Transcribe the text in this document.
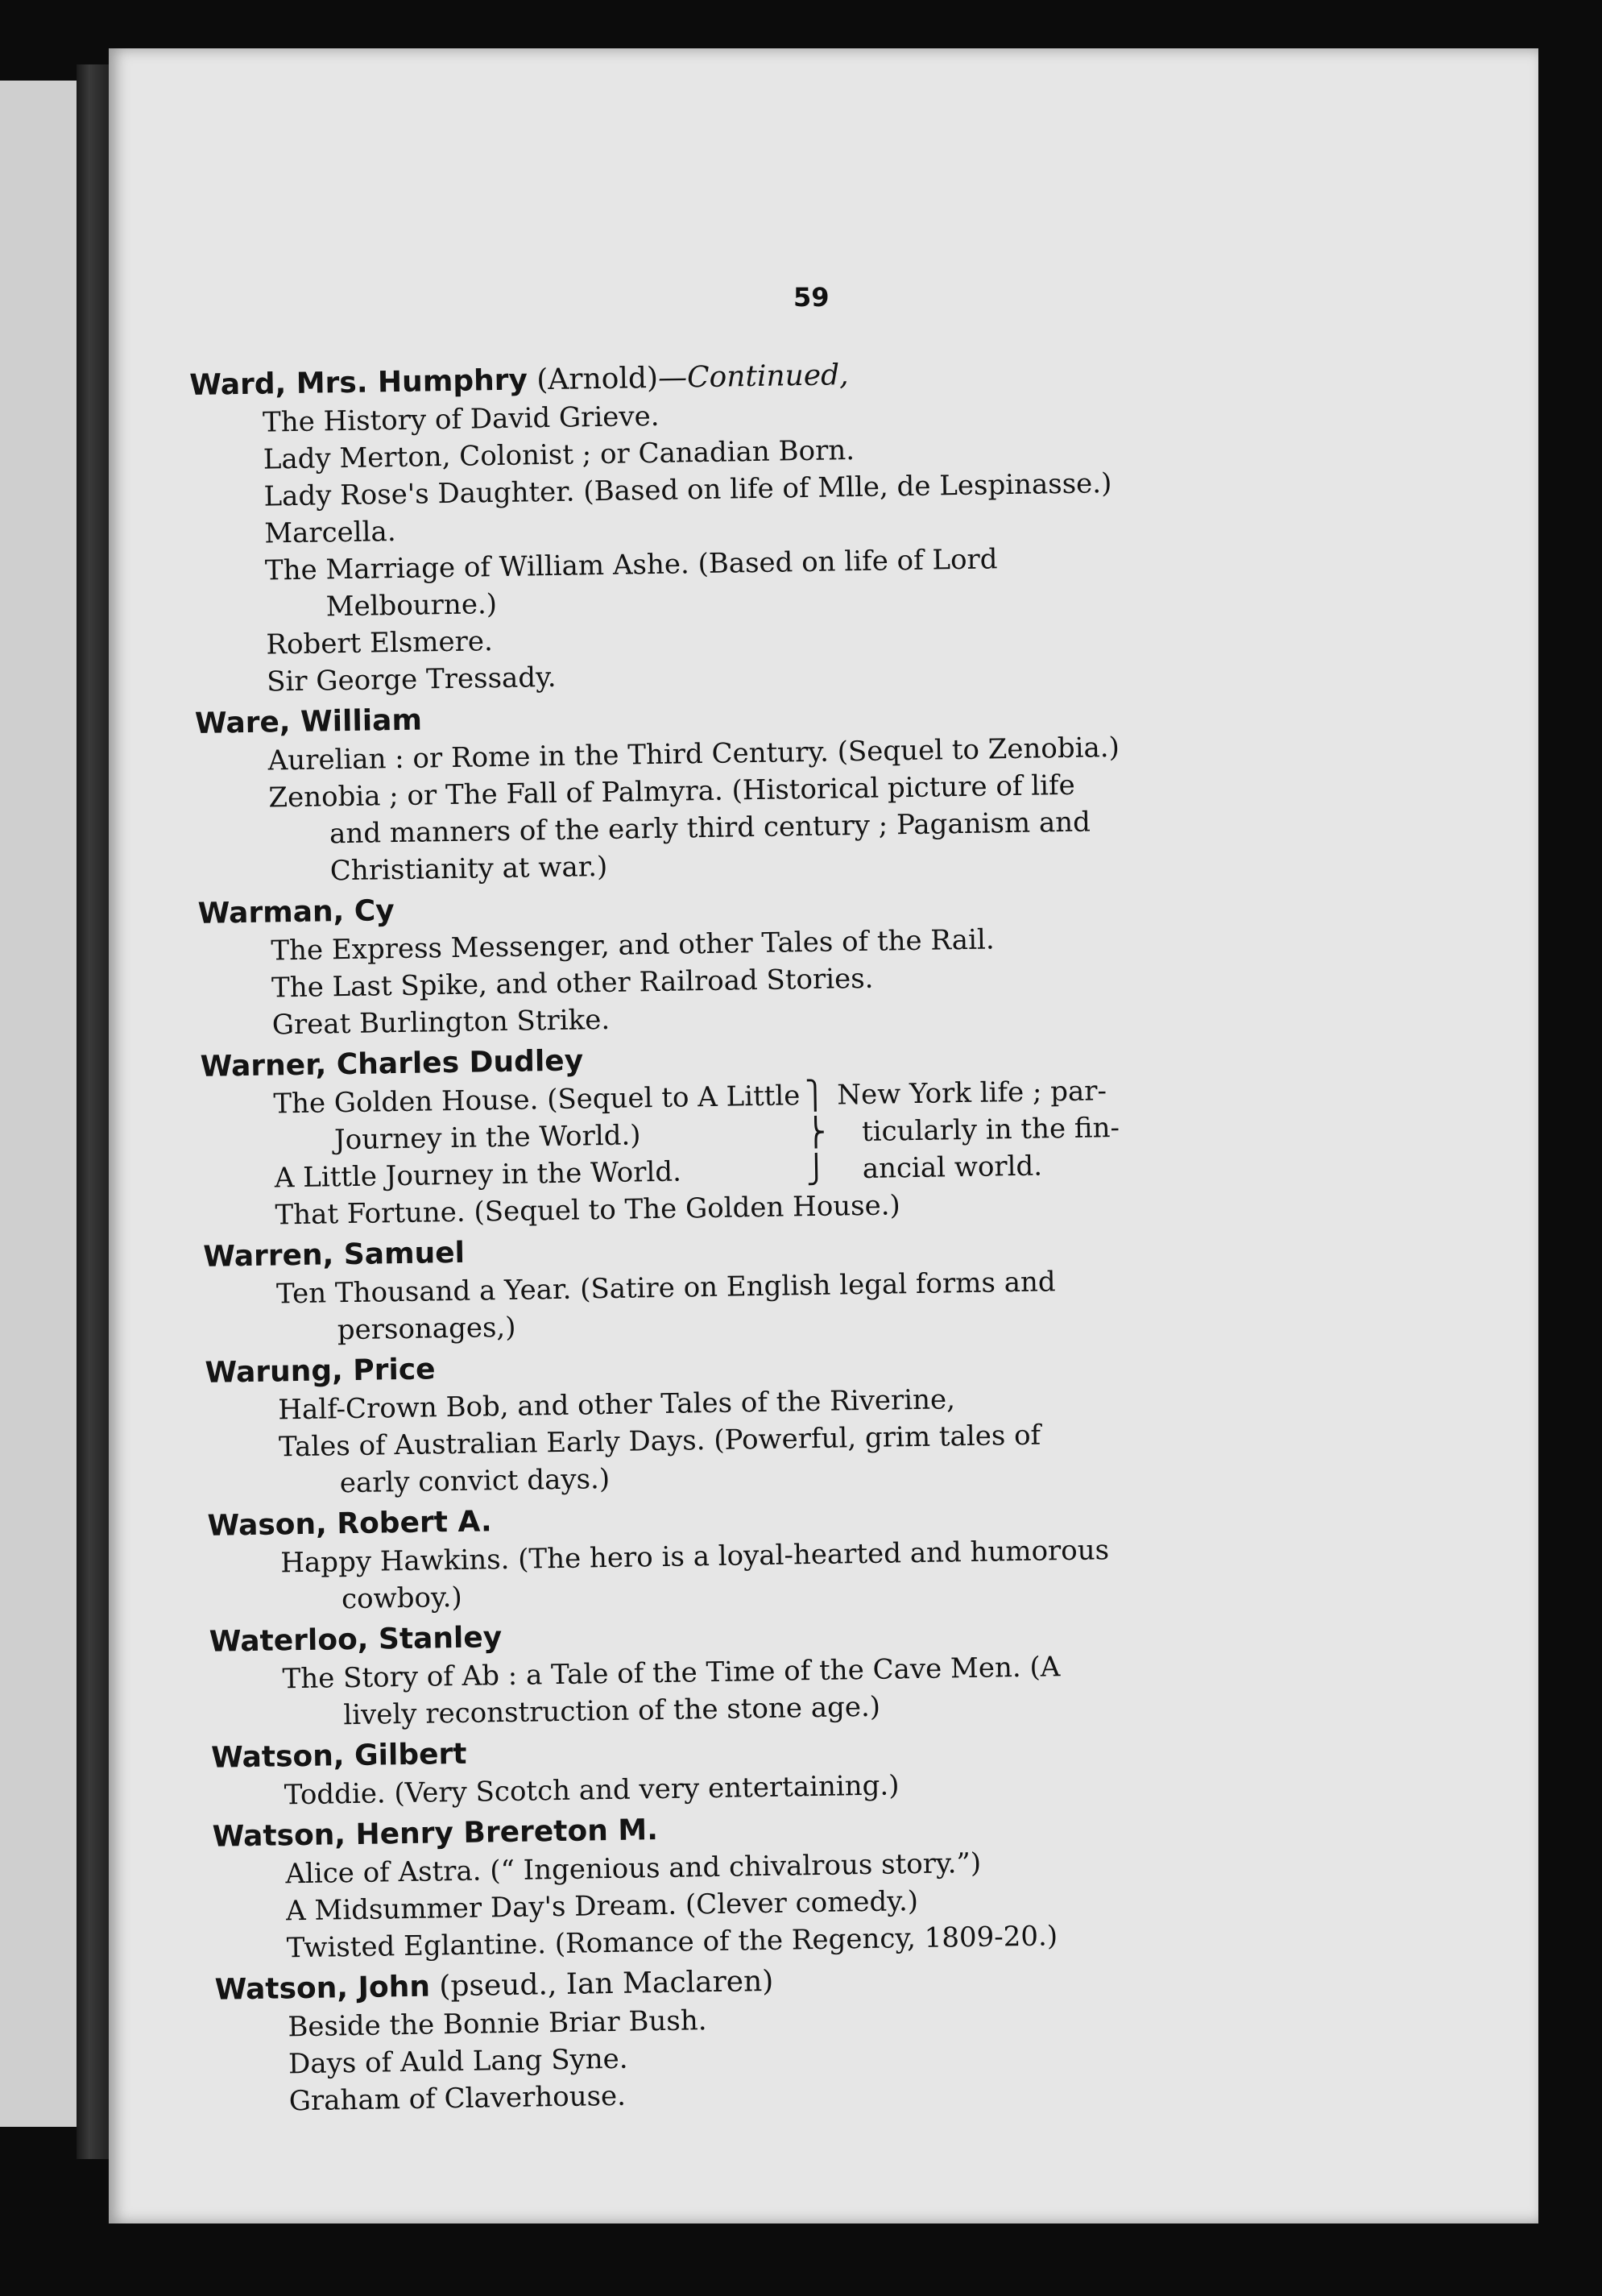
59
Ward, Mrs. Humphry (Arnold)—Continued,
The History of David Grieve.
Lady Merton, Colonist ; or Canadian Born.
Lady Rose's Daughter. (Based on life of Mlle, de Lespinasse.)
Marcella.
The Marriage of William Ashe. (Based on life of Lord
Melbourne.)
Robert Elsmere.
Sir George Tressady.
Ware, William
Aurelian : or Rome in the Third Century. (Sequel to Zenobia.)
Zenobia ; or The Fall of Palmyra. (Historical picture of life
and manners of the early third century ; Paganism and
Christianity at war.)
Warman, Cy
The Express Messenger, and other Tales of the Rail.
The Last Spike, and other Railroad Stories.
Great Burlington Strike.
Warner, Charles Dudley
The Golden House. (Sequel to A Little
Journey in the World.)
A Little Journey in the World.
⎫
⎬
⎭
New York life ; par-
ticularly in the fin-
ancial world.
That Fortune. (Sequel to The Golden House.)
Warren, Samuel
Ten Thousand a Year. (Satire on English legal forms and
personages,)
Warung, Price
Half-Crown Bob, and other Tales of the Riverine,
Tales of Australian Early Days. (Powerful, grim tales of
early convict days.)
Wason, Robert A.
Happy Hawkins. (The hero is a loyal-hearted and humorous
cowboy.)
Waterloo, Stanley
The Story of Ab : a Tale of the Time of the Cave Men. (A
lively reconstruction of the stone age.)
Watson, Gilbert
Toddie. (Very Scotch and very entertaining.)
Watson, Henry Brereton M.
Alice of Astra. (“ Ingenious and chivalrous story.”)
A Midsummer Day's Dream. (Clever comedy.)
Twisted Eglantine. (Romance of the Regency, 1809-20.)
Watson, John (pseud., Ian Maclaren)
Beside the Bonnie Briar Bush.
Days of Auld Lang Syne.
Graham of Claverhouse.
